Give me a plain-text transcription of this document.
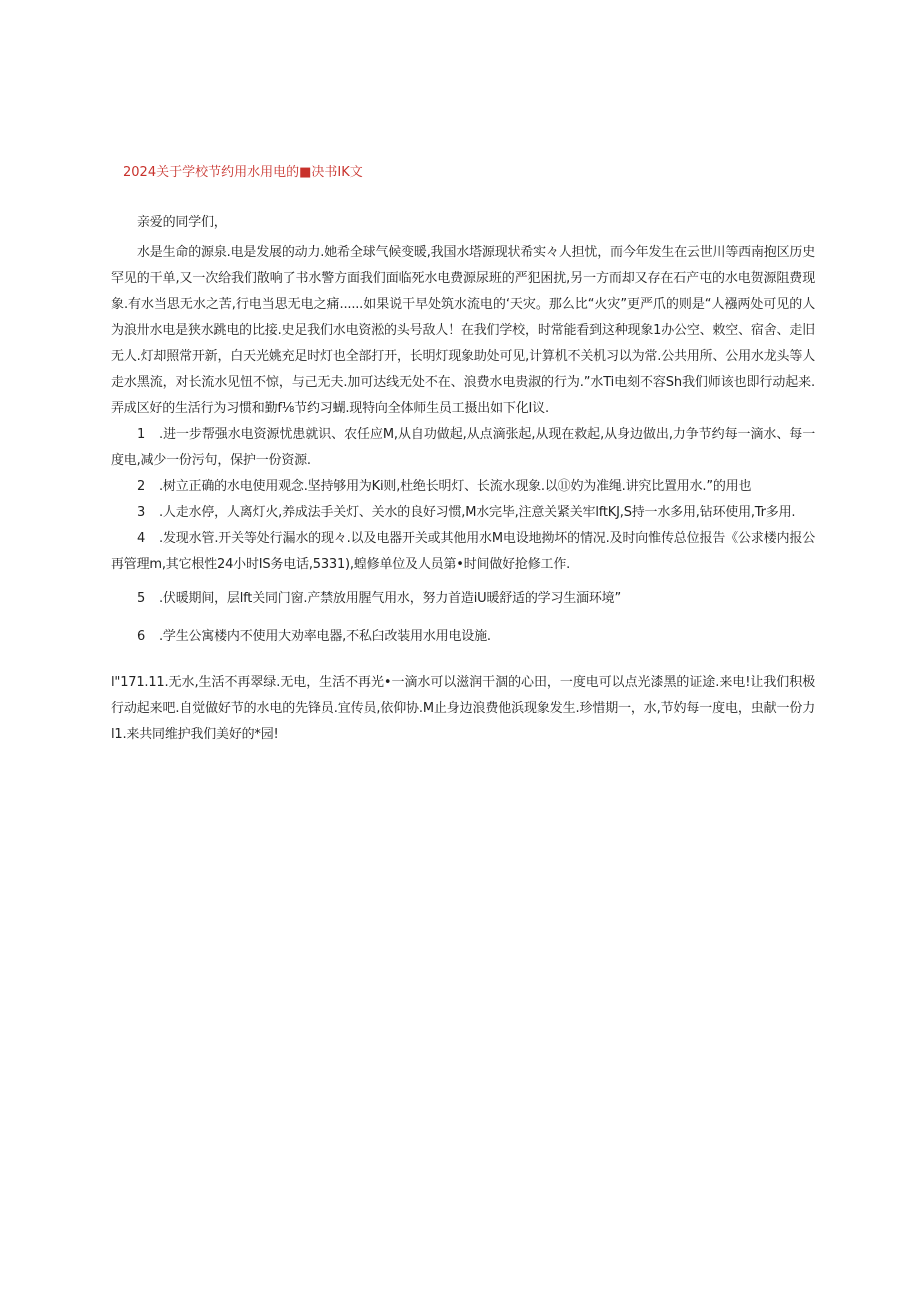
2024关于学校节约用水用电的■决书IK文

亲爱的同学们，

水是生命的源泉.电是发展的动力.她希全球气候变暖,我国水塔源现状希实々人担忧，而今年发生在云世川等西南抱区历史罕见的干单,又一次给我们散响了书水警方面我们面临死水电费源尿班的严犯困扰,另一方而却又存在石产屯的水电贺源阻费现象.有水当思无水之苦,行电当思无电之痛......如果说干早处筑水流电的‘天灾。那么比“火灾”更严爪的则是“人襁两处可见的人为浪卅水电是狭水跳电的比接.史足我们水电资淞的头号敌人！在我们学校，时常能看到这种现象1办公空、敕空、宿舍、走旧无人.灯却照常开新，白天光姚充足时灯也全部打开，长明灯现象助处可见,计算机不关机习以为常.公共用所、公用水龙头等人走水黑流，对长流水见忸不惊，与己无夫.加可达线无处不在、浪费水电贵淑的行为.”水Ti电刻不容Sh我们师该也即行动起来.弄成区好的生活行为习惯和勤f⅛节约习蝴.现特向全体师生员工摄出如下化I议.

1 .进一步帮强水电资源忧患就识、农任应M,从自功做起,从点滴张起,从现在救起,从身边做出,力争节约每一滴水、每一度电,减少一份污句，保护一份资源.

2 .树立正确的水电使用观念.坚持够用为Ki则,杜绝长明灯、长流水现象.以⑪妁为准绳.讲究比置用水.”的用也

3 .人走水停，人离灯火,养成法手关灯、关水的良好习惯,M水完毕,注意关紧关牢lftKJ,S持一水多用,钻环使用,Tr多用.

4 .发现水管.开关等处行漏水的现々.以及电器开关或其他用水M电设地拗坏的情况.及时向惟传总位报告《公求楼内报公再管理m,其它根性24小时IS务电话,5331),蝗修单位及人员第•时间做好抢修工作.

5 .伏暖期间，层lft关同门窗.产禁放用腥气用水，努力首造iU暖舒适的学习生湎环境”

6 .学生公寓楼内不使用大劝率电器,不私臼改装用水用电设施.

l"171.11.无水,生活不再翠绿.无电，生活不再光•一滴水可以滋润干涸的心田，一度电可以点光漆黑的证途.来电!让我们积极行动起来吧.自觉做好节的水电的先锋员.宜传员,依仰协.M止身边浪费他浜现象发生.珍惜期一，水,节妁每一度电，虫献一份力l1.来共同维护我们美好的*园!
